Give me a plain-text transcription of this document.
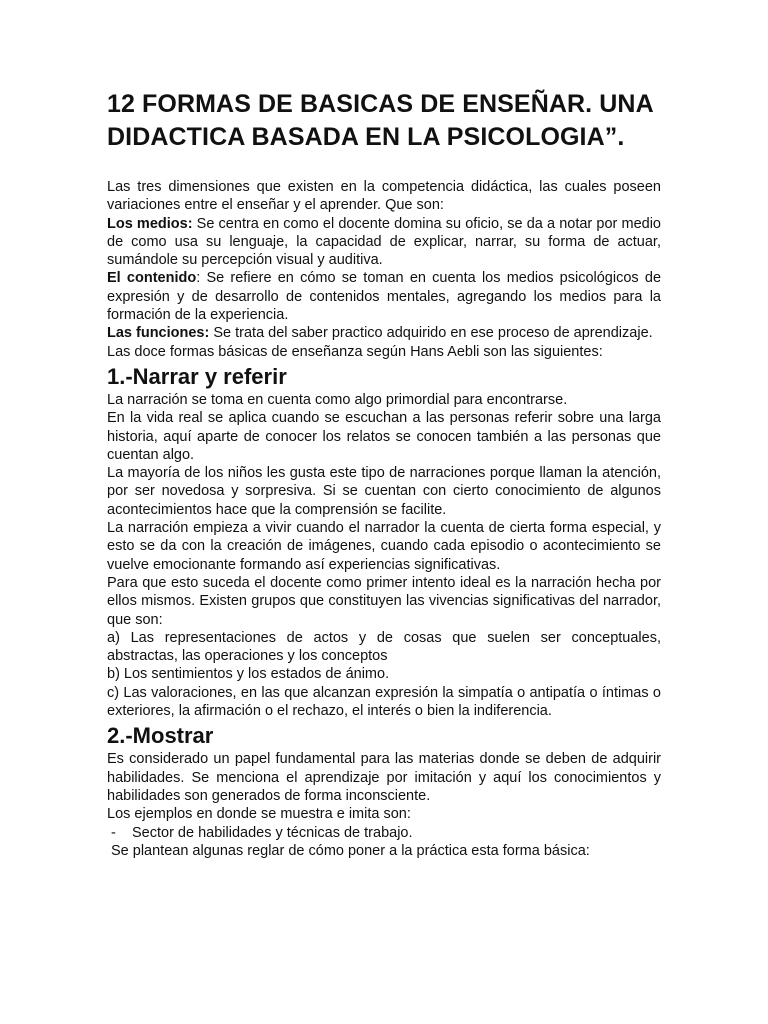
12 FORMAS DE BASICAS DE ENSEÑAR. UNA DIDACTICA BASADA EN LA PSICOLOGIA”.

Las tres dimensiones que existen en la competencia didáctica, las cuales poseen variaciones entre el enseñar y el aprender. Que son:

Los medios: Se centra en como el docente domina su oficio, se da a notar por medio de como usa su lenguaje, la capacidad de explicar, narrar, su forma de actuar, sumándole su percepción visual y auditiva.

El contenido: Se refiere en cómo se toman en cuenta los medios psicológicos de expresión y de desarrollo de contenidos mentales, agregando los medios para la formación de la experiencia.

Las funciones: Se trata del saber practico adquirido en ese proceso de aprendizaje.

Las doce formas básicas de enseñanza según Hans Aebli son las siguientes:

1.-Narrar y referir

La narración se toma en cuenta como algo primordial para encontrarse.

En la vida real se aplica cuando se escuchan a las personas referir sobre una larga historia, aquí aparte de conocer los relatos se conocen también a las personas que cuentan algo.

La mayoría de los niños les gusta este tipo de narraciones porque llaman la atención, por ser novedosa y sorpresiva. Si se cuentan con cierto conocimiento de algunos acontecimientos hace que la comprensión se facilite.

La narración empieza a vivir cuando el narrador la cuenta de cierta forma especial, y esto se da con la creación de imágenes, cuando cada episodio o acontecimiento se vuelve emocionante formando así experiencias significativas.

Para que esto suceda el docente como primer intento ideal es la narración hecha por ellos mismos. Existen grupos que constituyen las vivencias significativas del narrador, que son:

a) Las representaciones de actos y de cosas que suelen ser conceptuales, abstractas, las operaciones y los conceptos

b) Los sentimientos y los estados de ánimo.

c) Las valoraciones, en las que alcanzan expresión la simpatía o antipatía o íntimas o exteriores, la afirmación o el rechazo, el interés o bien la indiferencia.

2.-Mostrar

Es considerado un papel fundamental para las materias donde se deben de adquirir habilidades. Se menciona el aprendizaje por imitación y aquí los conocimientos y habilidades son generados de forma inconsciente.

Los ejemplos en donde se muestra e imita son:

-	Sector de habilidades y técnicas de trabajo.

Se plantean algunas reglar de cómo poner a la práctica esta forma básica:
